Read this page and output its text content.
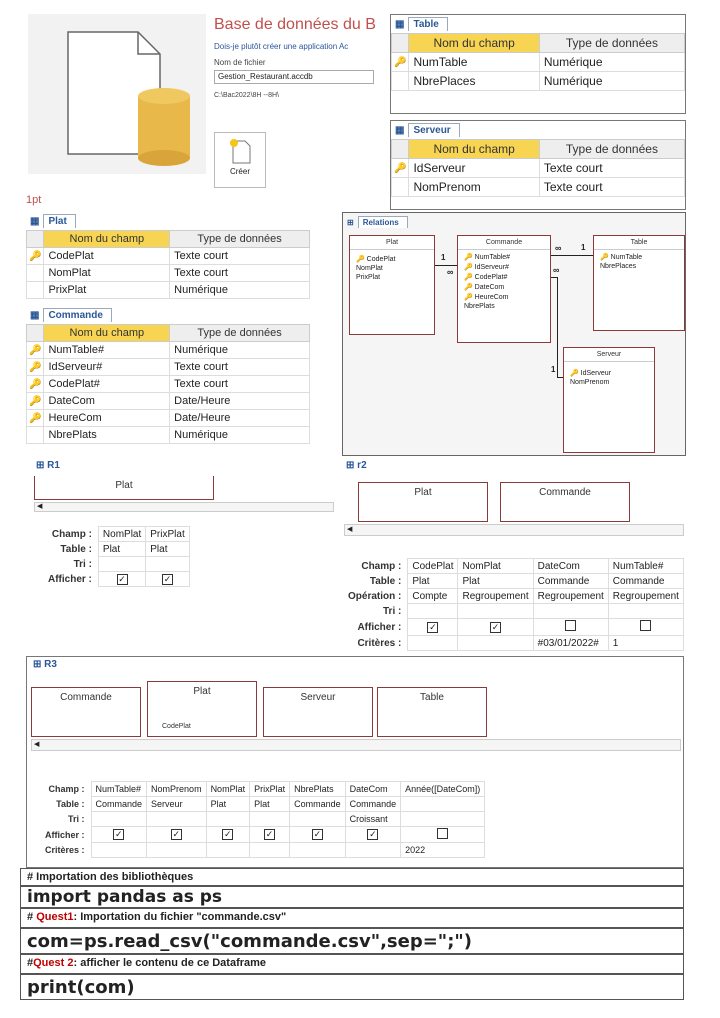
Base de données du B
Dois-je plutôt créer une application Ac
Nom de fichier
Gestion_Restaurant.accdb
C:\Bac2022\8H --8H\
Créer
1pt
▦ Table
	Nom du champ	Type de données
🔑	NumTable	Numérique
	NbrePlaces	Numérique
▦ Serveur
	Nom du champ	Type de données
🔑	IdServeur	Texte court
	NomPrenom	Texte court
▦ Plat
	Nom du champ	Type de données
🔑	CodePlat	Texte court
	NomPlat	Texte court
	PrixPlat	Numérique
▦ Commande
	Nom du champ	Type de données
🔑	NumTable#	Numérique
🔑	IdServeur#	Texte court
🔑	CodePlat#	Texte court
🔑	DateCom	Date/Heure
🔑	HeureCom	Date/Heure
	NbrePlats	Numérique
⊞	Relations
Plat
🔑 CodePlat
NomPlat
PrixPlat
Commande
🔑 NumTable#
🔑 IdServeur#
🔑 CodePlat#
🔑 DateCom
🔑 HeureCom
NbrePlats
Table
🔑 NumTable
NbrePlaces
Serveur
🔑 IdServeur
NomPrenom
1
∞
∞ 1
∞
1
⊞ R1
Plat
◀
Champ :	NomPlat	PrixPlat
Table :	Plat	Plat
Tri :		
Afficher :	✓	✓
⊞ r2
Plat	Commande
◀
Champ :	CodePlat	NomPlat	DateCom	NumTable#
Table :	Plat	Plat	Commande	Commande
Opération :	Compte	Regroupement	Regroupement	Regroupement
Tri :				
Afficher :	✓	✓		
Critères :			#03/01/2022#	1
⊞ R3
Commande
Plat
CodePlat
Serveur	Table
◀
Champ :	NumTable#	NomPrenom	NomPlat	PrixPlat	NbrePlats	DateCom	Année([DateCom])
Table :	Commande	Serveur	Plat	Plat	Commande	Commande	
Tri :						Croissant	
Afficher :	✓	✓	✓	✓	✓	✓	
Critères :							2022
# Importation des bibliothèques
import pandas as ps
# Quest1: Importation du fichier "commande.csv"
com=ps.read_csv("commande.csv",sep=";")
#Quest 2: afficher le contenu de ce Dataframe
print(com)
